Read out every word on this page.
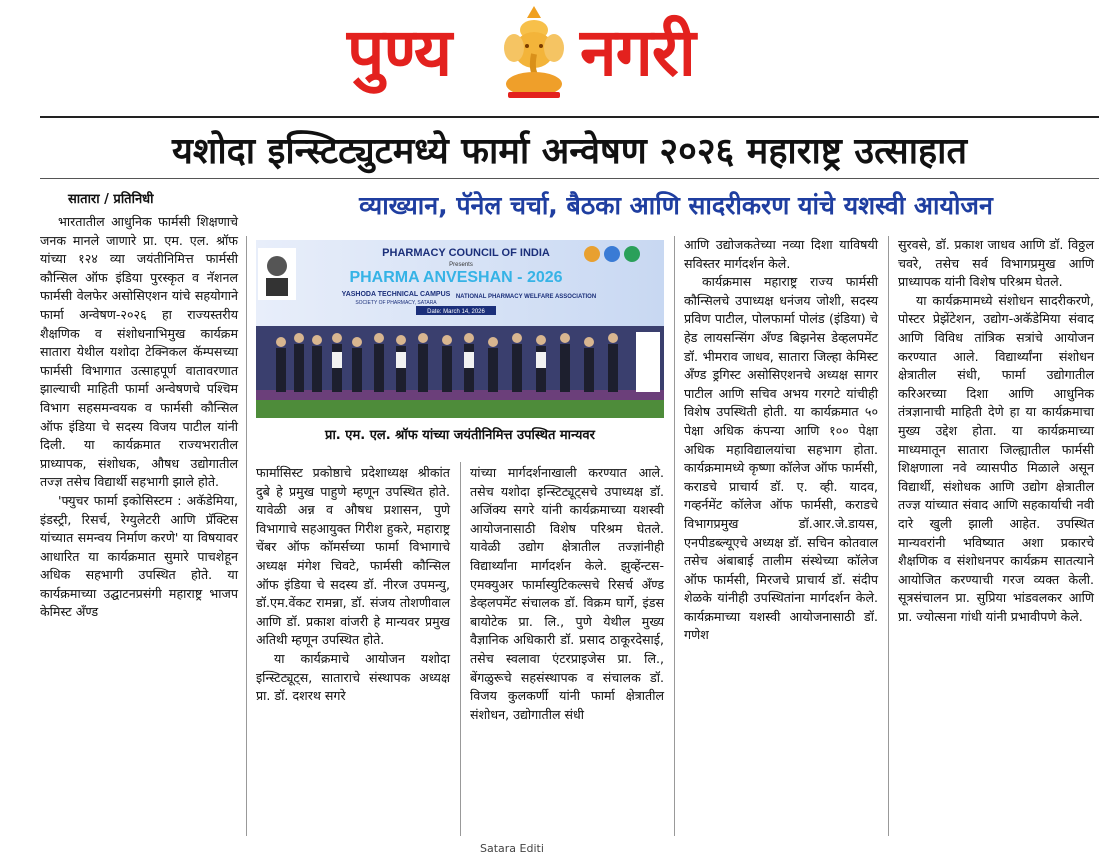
पुण्य नगरी
यशोदा इन्स्टिट्युटमध्ये फार्मा अन्वेषण २०२६ महाराष्ट्र उत्साहात
सातारा / प्रतिनिधी	व्याख्यान, पॅनेल चर्चा, बैठका आणि सादरीकरण यांचे यशस्वी आयोजन
PHARMACY COUNCIL OF INDIA
Presents
PHARMA ANVESHAN - 2026
YASHODA TECHNICAL CAMPUS
SOCIETY OF PHARMACY, SATARA
NATIONAL PHARMACY WELFARE ASSOCIATION
Date: March 14, 2026
प्रा. एम. एल. श्रॉफ यांच्या जयंतीनिमित्त उपस्थित मान्यवर

भारतातील आधुनिक फार्मसी शिक्षणाचे जनक मानले जाणारे प्रा. एम. एल. श्रॉफ यांच्या १२४ व्या जयंतीनिमित्त फार्मसी कौन्सिल ऑफ इंडिया पुरस्कृत व नॅशनल फार्मसी वेलफेर असोसिएशन यांचे सहयोगाने फार्मा अन्वेषण-२०२६ हा राज्यस्तरीय शैक्षणिक व संशोधनाभिमुख कार्यक्रम सातारा येथील यशोदा टेक्निकल कॅम्पसच्या फार्मसी विभागात उत्साहपूर्ण वातावरणात झाल्याची माहिती फार्मा अन्वेषणचे पश्चिम विभाग सहसमन्वयक व फार्मसी कौन्सिल ऑफ इंडिया चे सदस्य विजय पाटील यांनी दिली. या कार्यक्रमात राज्यभरातील प्राध्यापक, संशोधक, औषध उद्योगातील तज्ज्ञ तसेच विद्यार्थी सहभागी झाले होते.

'फ्युचर फार्मा इकोसिस्टम : अकॅडेमिया, इंडस्ट्री, रिसर्च, रेग्युलेटरी आणि प्रॅक्टिस यांच्यात समन्वय निर्माण करणे' या विषयावर आधारित या कार्यक्रमात सुमारे पाचशेहून अधिक सहभागी उपस्थित होते. या कार्यक्रमाच्या उद्घाटनप्रसंगी महाराष्ट्र भाजप केमिस्ट अँण्ड

फार्मासिस्ट प्रकोष्ठाचे प्रदेशाध्यक्ष श्रीकांत दुबे हे प्रमुख पाहुणे म्हणून उपस्थित होते. यावेळी अन्न व औषध प्रशासन, पुणे विभागाचे सहआयुक्त गिरीश हुकरे, महाराष्ट्र चेंबर ऑफ कॉमर्सच्या फार्मा विभागाचे अध्यक्ष मंगेश चिवटे, फार्मसी कौन्सिल ऑफ इंडिया चे सदस्य डॉ. नीरज उपमन्यु, डॉ.एम.वेंकट रामन्ना, डॉ. संजय तोशणीवाल आणि डॉ. प्रकाश वांजरी हे मान्यवर प्रमुख अतिथी म्हणून उपस्थित होते.

या कार्यक्रमाचे आयोजन यशोदा इन्स्टिट्यूट्स, साताराचे संस्थापक अध्यक्ष प्रा. डॉ. दशरथ सगरे

यांच्या मार्गदर्शनाखाली करण्यात आले. तसेच यशोदा इन्स्टिट्यूट्सचे उपाध्यक्ष डॉ. अजिंक्य सगरे यांनी कार्यक्रमाच्या यशस्वी आयोजनासाठी विशेष परिश्रम घेतले. यावेळी उद्योग क्षेत्रातील तज्ज्ञांनीही विद्यार्थ्यांना मार्गदर्शन केले. झुव्हेंन्टस-एमक्युअर फार्मास्युटिकल्सचे रिसर्च अँण्ड डेव्हलपमेंट संचालक डॉ. विक्रम घार्गे, इंडस बायोटेक प्रा. लि., पुणे येथील मुख्य वैज्ञानिक अधिकारी डॉ. प्रसाद ठाकूरदेसाई, तसेच स्वलावा एंटरप्राइजेस प्रा. लि., बेंगळुरूचे सहसंस्थापक व संचालक डॉ. विजय कुलकर्णी यांनी फार्मा क्षेत्रातील संशोधन, उद्योगातील संधी

आणि उद्योजकतेच्या नव्या दिशा याविषयी सविस्तर मार्गदर्शन केले.

कार्यक्रमास महाराष्ट्र राज्य फार्मसी कौन्सिलचे उपाध्यक्ष धनंजय जोशी, सदस्य प्रविण पाटील, पोलफार्मा पोलंड (इंडिया) चे हेड लायसन्सिंग अँण्ड बिझनेस डेव्हलपमेंट डॉ. भीमराव जाधव, सातारा जिल्हा केमिस्ट अँण्ड ड्रगिस्ट असोसिएशनचे अध्यक्ष सागर पाटील आणि सचिव अभय गरगटे यांचीही विशेष उपस्थिती होती. या कार्यक्रमात ५० पेक्षा अधिक कंपन्या आणि १०० पेक्षा अधिक महाविद्यालयांचा सहभाग होता. कार्यक्रमामध्ये कृष्णा कॉलेज ऑफ फार्मसी, कराडचे प्राचार्य डॉ. ए. व्ही. यादव, गव्हर्नमेंट कॉलेज ऑफ फार्मसी, कराडचे विभागप्रमुख डॉ.आर.जे.डायस, एनपीडब्ल्यूएचे अध्यक्ष डॉ. सचिन कोतवाल तसेच अंबाबाई तालीम संस्थेच्या कॉलेज ऑफ फार्मसी, मिरजचे प्राचार्य डॉ. संदीप शेळके यांनीही उपस्थितांना मार्गदर्शन केले. कार्यक्रमाच्या यशस्वी आयोजनासाठी डॉ. गणेश

सुरवसे, डॉ. प्रकाश जाधव आणि डॉ. विठ्ठल चवरे, तसेच सर्व विभागप्रमुख आणि प्राध्यापक यांनी विशेष परिश्रम घेतले.

या कार्यक्रमामध्ये संशोधन सादरीकरणे, पोस्टर प्रेझेंटेशन, उद्योग-अकॅडेमिया संवाद आणि विविध तांत्रिक सत्रांचे आयोजन करण्यात आले. विद्यार्थ्यांना संशोधन क्षेत्रातील संधी, फार्मा उद्योगातील करिअरच्या दिशा आणि आधुनिक तंत्रज्ञानाची माहिती देणे हा या कार्यक्रमाचा मुख्य उद्देश होता. या कार्यक्रमाच्या माध्यमातून सातारा जिल्ह्यातील फार्मसी शिक्षणाला नवे व्यासपीठ मिळाले असून विद्यार्थी, संशोधक आणि उद्योग क्षेत्रातील तज्ज्ञ यांच्यात संवाद आणि सहकार्याची नवी दारे खुली झाली आहेत. उपस्थित मान्यवरांनी भविष्यात अशा प्रकारचे शैक्षणिक व संशोधनपर कार्यक्रम सातत्याने आयोजित करण्याची गरज व्यक्त केली. सूत्रसंचालन प्रा. सुप्रिया भांडवलकर आणि प्रा. ज्योत्सना गांधी यांनी प्रभावीपणे केले.

Satara Editi
